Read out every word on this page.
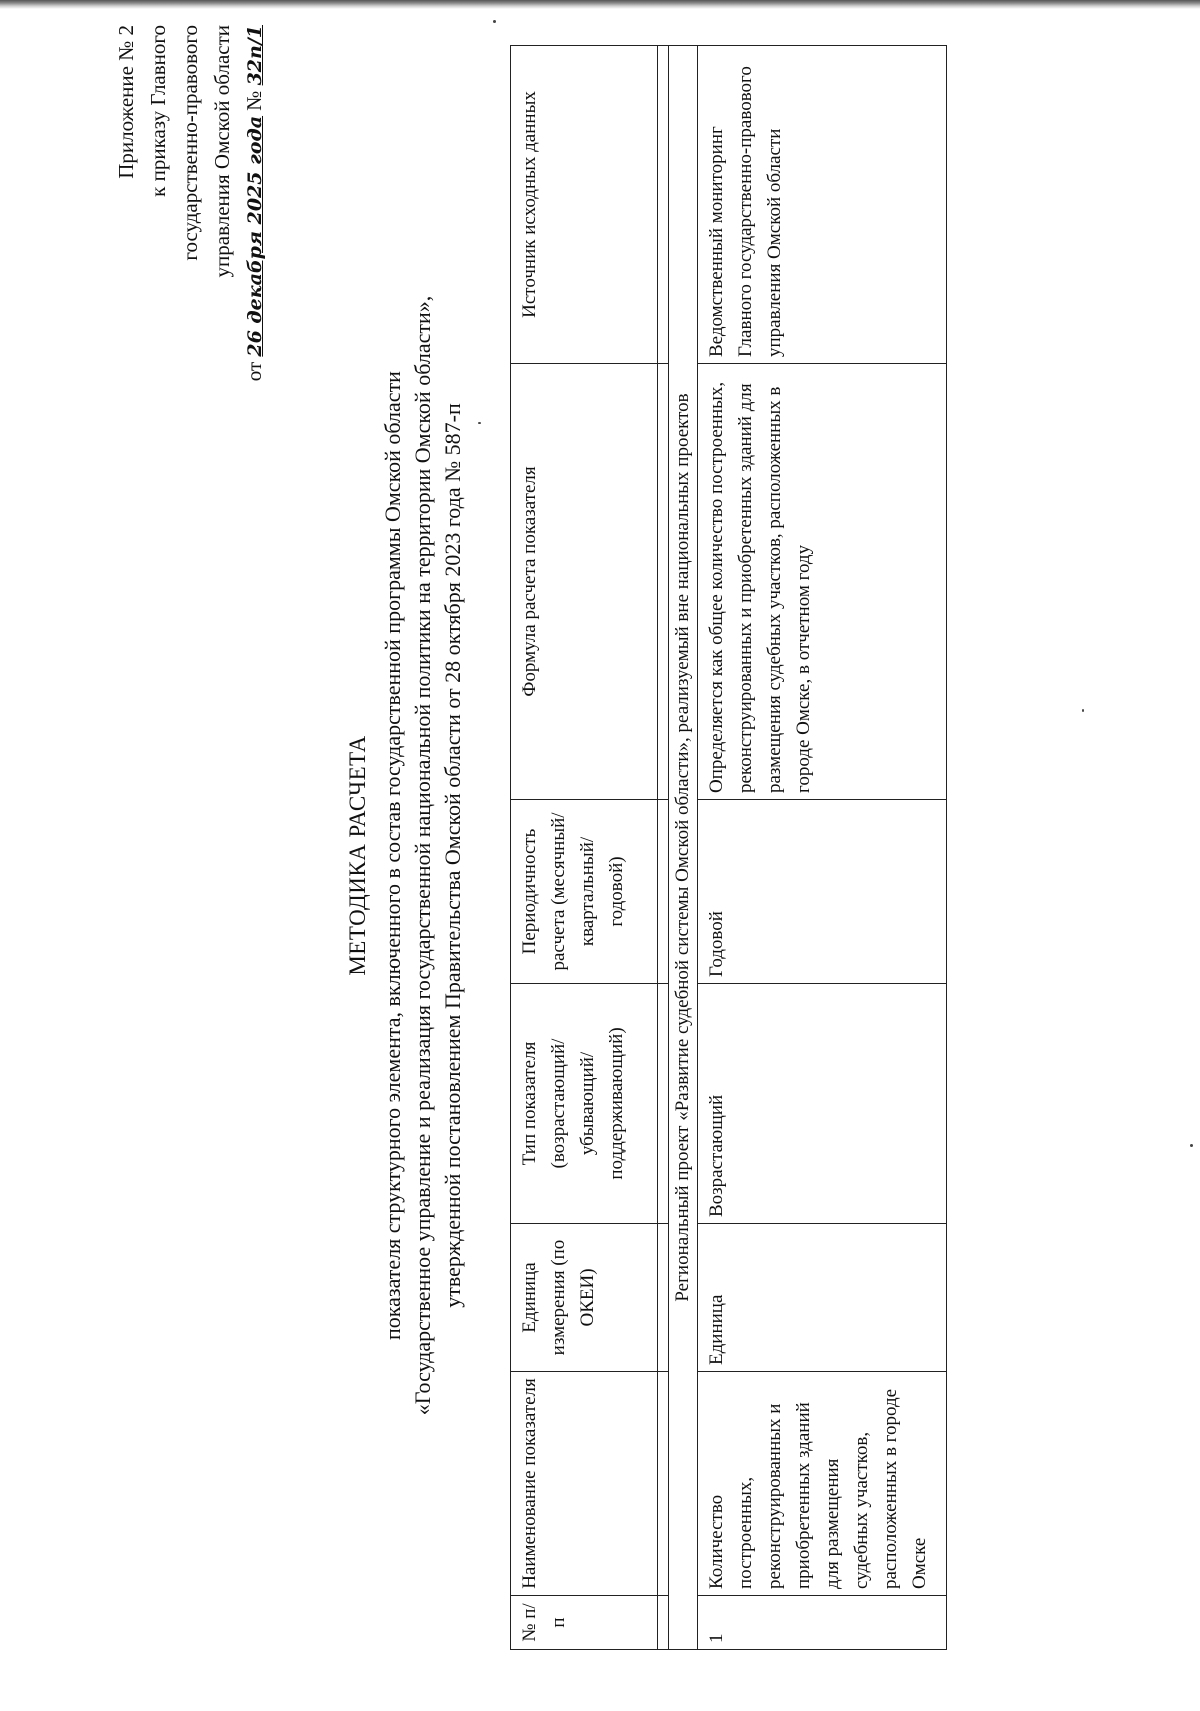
Приложение № 2 к приказу Главного государственно-правового управления Омской области
от 26 декабря 2025 года № 32п/1
МЕТОДИКА РАСЧЕТА показателя структурного элемента, включенного в состав государственной программы Омской области «Государственное управление и реализация государственной национальной политики на территории Омской области», утвержденной постановлением Правительства Омской области от 28 октября 2023 года № 587-п
№ п/п	Наименование показателя	Единица измерения (по ОКЕИ)	Тип показателя (возрастающий/ убывающий/ поддерживающий)	Периодичность расчета (месячный/ квартальный/ годовой)	Формула расчета показателя	Источник исходных данных

Региональный проект «Развитие судебной системы Омской области», реализуемый вне национальных проектов						
1	Количество построенных, реконструированных и приобретенных зданий для размещения судебных участков, расположенных в городе Омске	Единица	Возрастающий	Годовой	Определяется как общее количество построенных, реконструированных и приобретенных зданий для размещения судебных участков, расположенных в городе Омске, в отчетном году	Ведомственный мониторинг Главного государственно-правового управления Омской области
